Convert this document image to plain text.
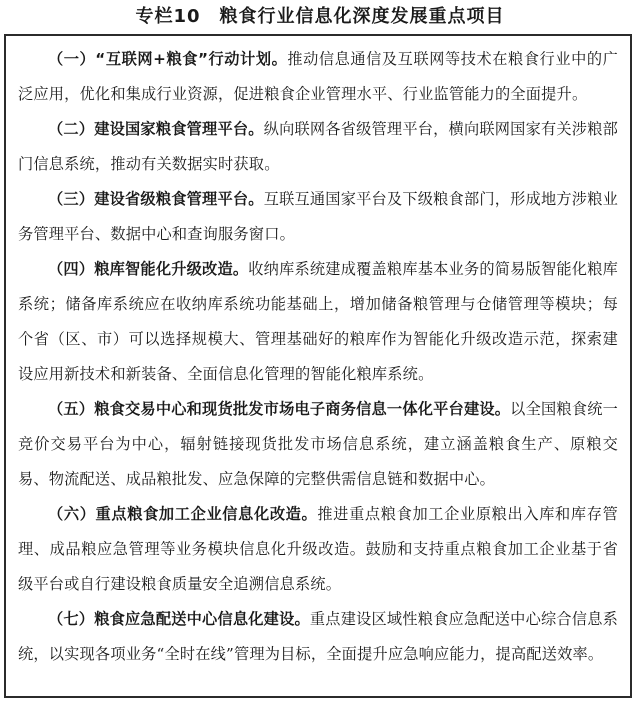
专栏10　粮食行业信息化深度发展重点项目

（一）“互联网+粮食”行动计划。推动信息通信及互联网等技术在粮食行业中的广泛应用，优化和集成行业资源，促进粮食企业管理水平、行业监管能力的全面提升。

（二）建设国家粮食管理平台。纵向联网各省级管理平台，横向联网国家有关涉粮部门信息系统，推动有关数据实时获取。

（三）建设省级粮食管理平台。互联互通国家平台及下级粮食部门，形成地方涉粮业务管理平台、数据中心和查询服务窗口。

（四）粮库智能化升级改造。收纳库系统建成覆盖粮库基本业务的简易版智能化粮库系统；储备库系统应在收纳库系统功能基础上，增加储备粮管理与仓储管理等模块；每个省（区、市）可以选择规模大、管理基础好的粮库作为智能化升级改造示范，探索建设应用新技术和新装备、全面信息化管理的智能化粮库系统。

（五）粮食交易中心和现货批发市场电子商务信息一体化平台建设。以全国粮食统一竞价交易平台为中心，辐射链接现货批发市场信息系统，建立涵盖粮食生产、原粮交易、物流配送、成品粮批发、应急保障的完整供需信息链和数据中心。

（六）重点粮食加工企业信息化改造。推进重点粮食加工企业原粮出入库和库存管理、成品粮应急管理等业务模块信息化升级改造。鼓励和支持重点粮食加工企业基于省级平台或自行建设粮食质量安全追溯信息系统。

（七）粮食应急配送中心信息化建设。重点建设区域性粮食应急配送中心综合信息系统，以实现各项业务“全时在线”管理为目标，全面提升应急响应能力，提高配送效率。
